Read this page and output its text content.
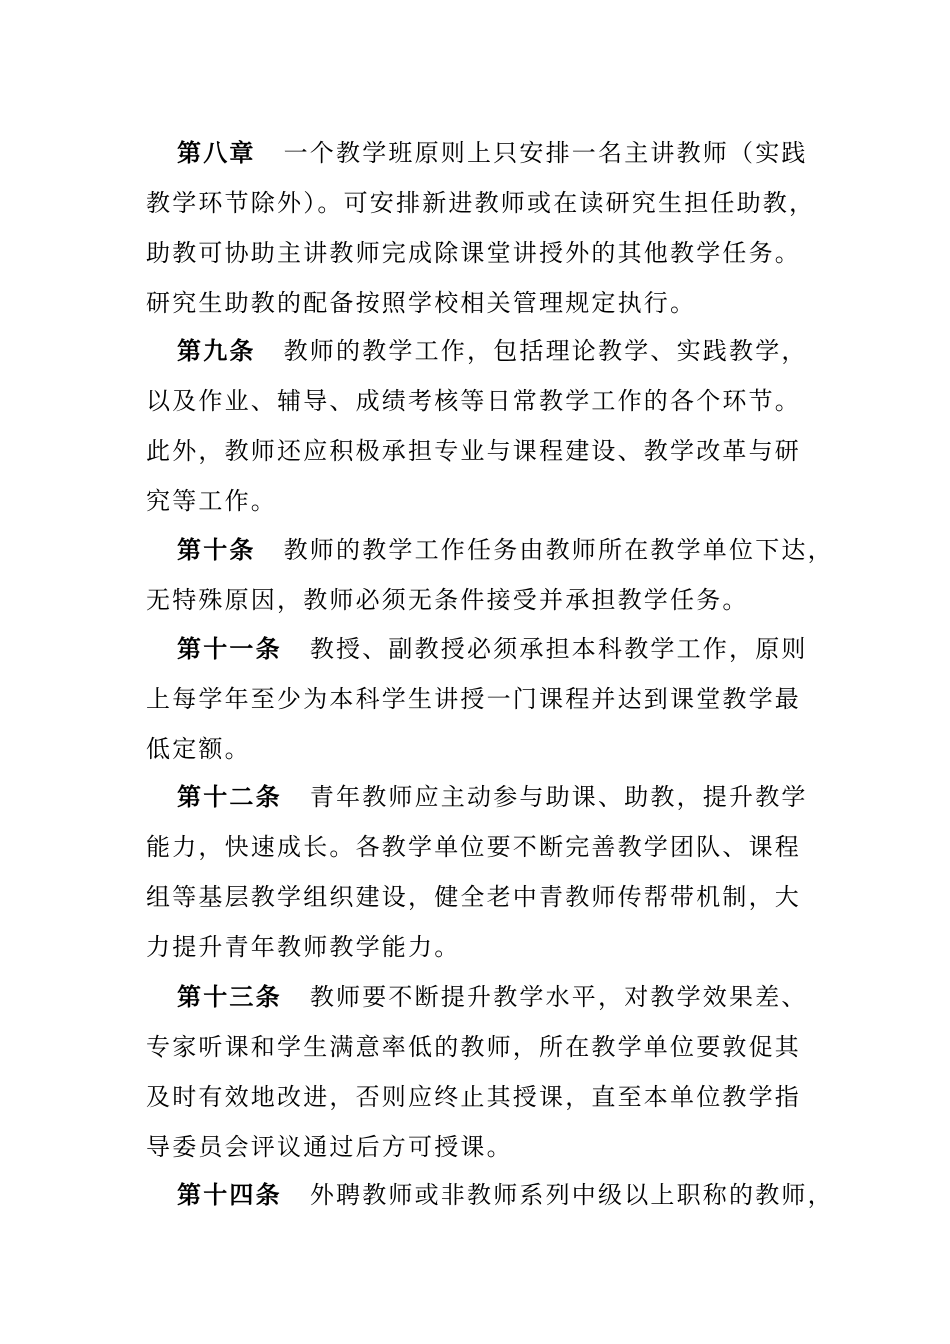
第八章 一个教学班原则上只安排一名主讲教师（实践
教学环节除外）。可安排新进教师或在读研究生担任助教，
助教可协助主讲教师完成除课堂讲授外的其他教学任务。
研究生助教的配备按照学校相关管理规定执行。
第九条 教师的教学工作，包括理论教学、实践教学，
以及作业、辅导、成绩考核等日常教学工作的各个环节。
此外，教师还应积极承担专业与课程建设、教学改革与研
究等工作。
第十条 教师的教学工作任务由教师所在教学单位下达，
无特殊原因，教师必须无条件接受并承担教学任务。
第十一条 教授、副教授必须承担本科教学工作，原则
上每学年至少为本科学生讲授一门课程并达到课堂教学最
低定额。
第十二条 青年教师应主动参与助课、助教，提升教学
能力，快速成长。各教学单位要不断完善教学团队、课程
组等基层教学组织建设，健全老中青教师传帮带机制，大
力提升青年教师教学能力。
第十三条 教师要不断提升教学水平，对教学效果差、
专家听课和学生满意率低的教师，所在教学单位要敦促其
及时有效地改进，否则应终止其授课，直至本单位教学指
导委员会评议通过后方可授课。
第十四条 外聘教师或非教师系列中级以上职称的教师，
